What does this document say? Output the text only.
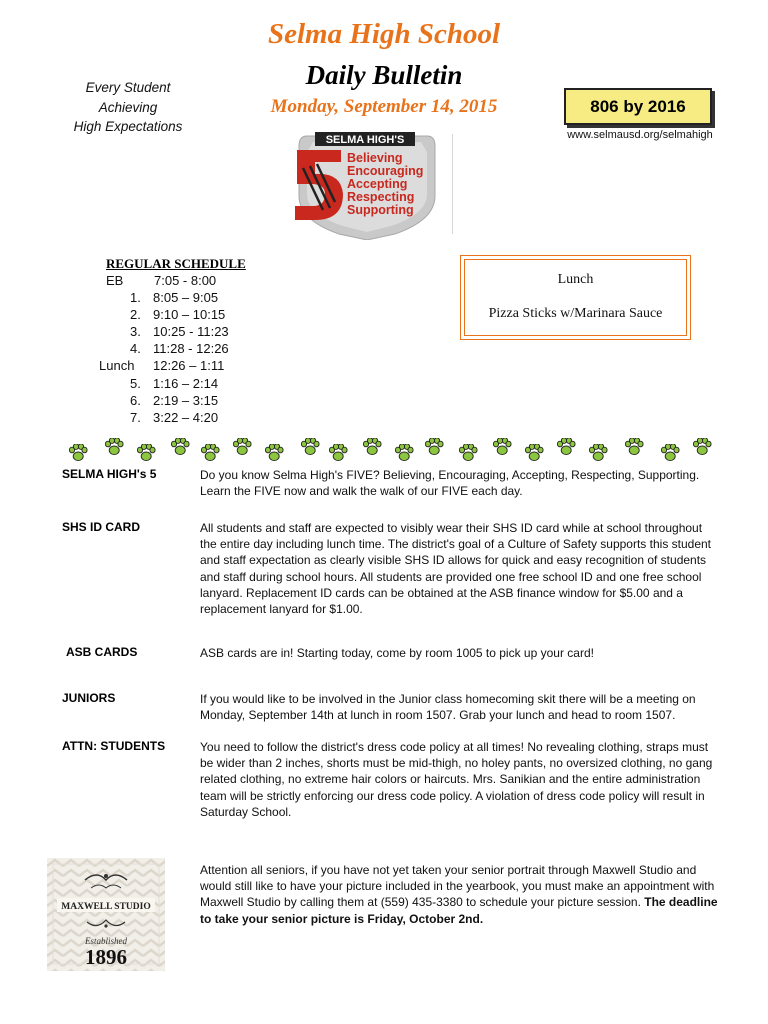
Selma High School
Daily Bulletin
Monday, September 14, 2015
Every Student
Achieving
High Expectations
806 by 2016
www.selmausd.org/selmahigh
SELMA HIGH'S
Believing
Encouraging
Accepting
Respecting
Supporting
REGULAR SCHEDULE
EB 7:05 - 8:00
1. 8:05 – 9:05
2. 9:10 – 10:15
3. 10:25 - 11:23
4. 11:28 - 12:26
Lunch 12:26 – 1:11
5. 1:16 – 2:14
6. 2:19 – 3:15
7. 3:22 – 4:20
Lunch
Pizza Sticks w/Marinara Sauce
SELMA HIGH's 5	Do you know Selma High's FIVE? Believing, Encouraging, Accepting, Respecting, Supporting. Learn the FIVE now and walk the walk of our FIVE each day.
SHS ID CARD	All students and staff are expected to visibly wear their SHS ID card while at school throughout the entire day including lunch time. The district's goal of a Culture of Safety supports this student and staff expectation as clearly visible SHS ID allows for quick and easy recognition of students and staff during school hours. All students are provided one free school ID and one free school lanyard. Replacement ID cards can be obtained at the ASB finance window for $5.00 and a replacement lanyard for $1.00.
ASB CARDS	ASB cards are in! Starting today, come by room 1005 to pick up your card!
JUNIORS	If you would like to be involved in the Junior class homecoming skit there will be a meeting on Monday, September 14th at lunch in room 1507. Grab your lunch and head to room 1507.
ATTN: STUDENTS	You need to follow the district's dress code policy at all times! No revealing clothing, straps must be wider than 2 inches, shorts must be mid-thigh, no holey pants, no oversized clothing, no gang related clothing, no extreme hair colors or haircuts. Mrs. Sanikian and the entire administration team will be strictly enforcing our dress code policy. A violation of dress code policy will result in Saturday School.
Attention all seniors, if you have not yet taken your senior portrait through Maxwell Studio and would still like to have your picture included in the yearbook, you must make an appointment with Maxwell Studio by calling them at (559) 435-3380 to schedule your picture session. The deadline to take your senior picture is Friday, October 2nd.
MAXWELL STUDIO
Established
1896
